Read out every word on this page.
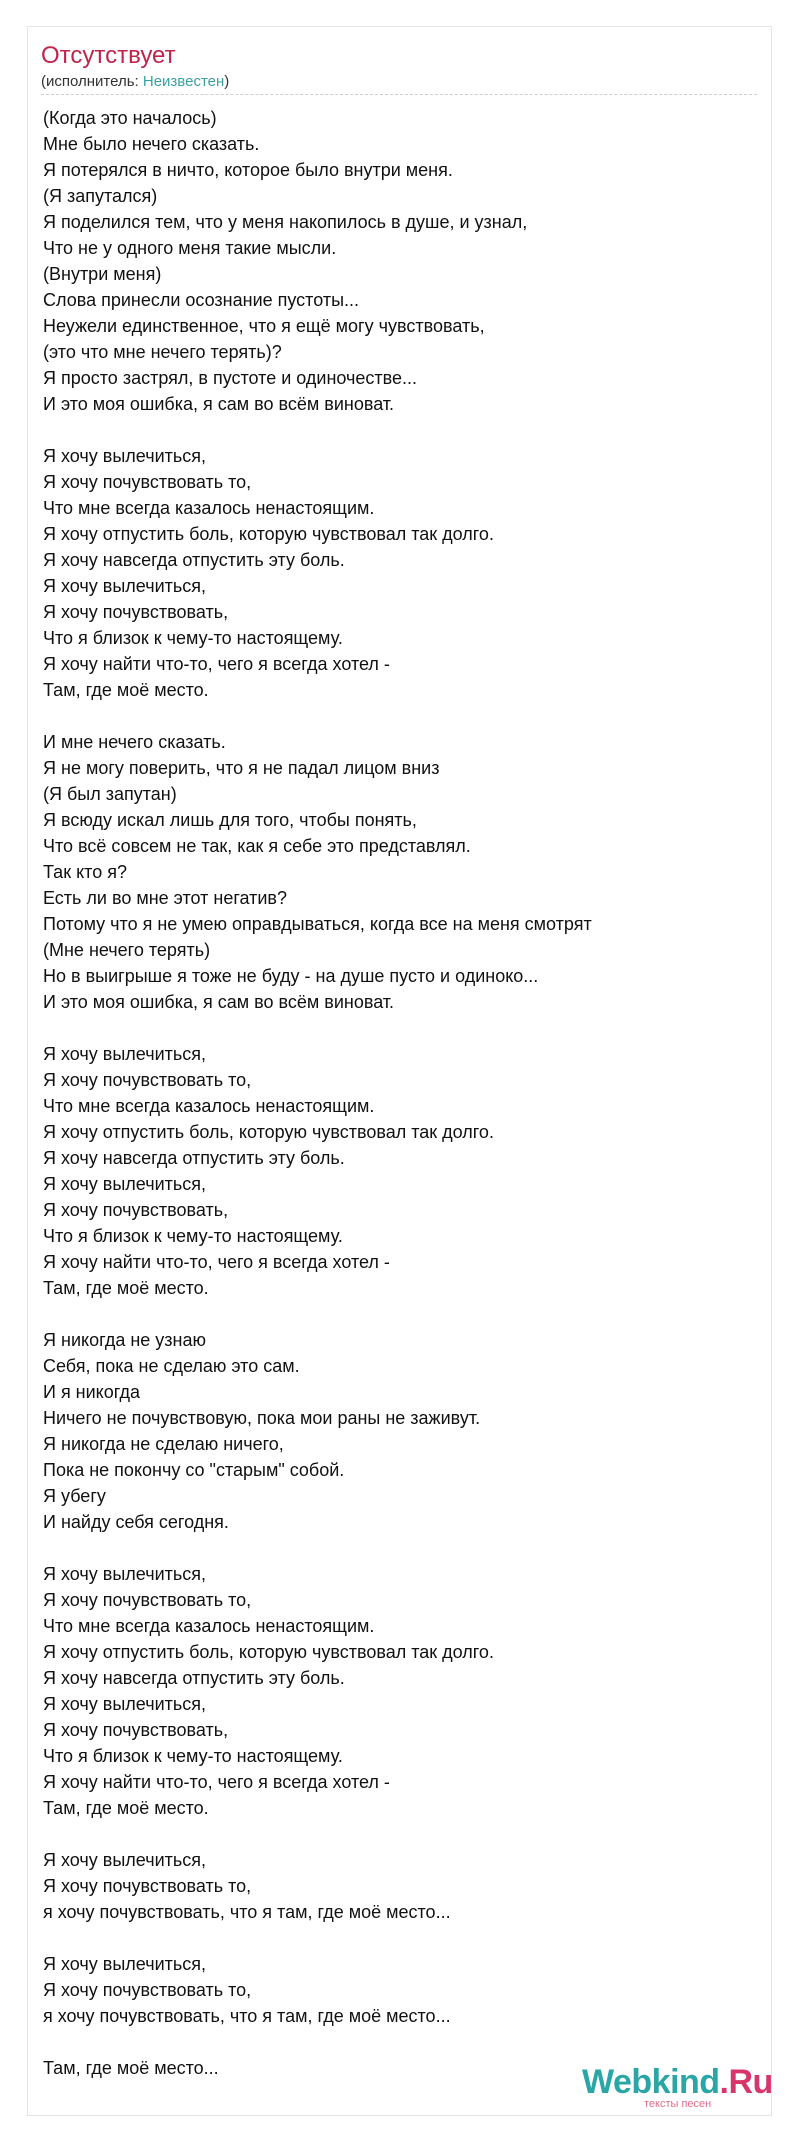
Отсутствует
(исполнитель: Неизвестен)
(Когда это началось)
Мне было нечего сказать.
Я потерялся в ничто, которое было внутри меня.
(Я запутался)
Я поделился тем, что у меня накопилось в душе, и узнал,
Что не у одного меня такие мысли.
(Внутри меня)
Слова принесли осознание пустоты...
Неужели единственное, что я ещё могу чувствовать,
(это что мне нечего терять)?
Я просто застрял, в пустоте и одиночестве...
И это моя ошибка, я сам во всём виноват.
Я хочу вылечиться,
Я хочу почувствовать то,
Что мне всегда казалось ненастоящим.
Я хочу отпустить боль, которую чувствовал так долго.
Я хочу навсегда отпустить эту боль.
Я хочу вылечиться,
Я хочу почувствовать,
Что я близок к чему-то настоящему.
Я хочу найти что-то, чего я всегда хотел -
Там, где моё место.
И мне нечего сказать.
Я не могу поверить, что я не падал лицом вниз
(Я был запутан)
Я всюду искал лишь для того, чтобы понять,
Что всё совсем не так, как я себе это представлял.
Так кто я?
Есть ли во мне этот негатив?
Потому что я не умею оправдываться, когда все на меня смотрят
(Мне нечего терять)
Но в выигрыше я тоже не буду - на душе пусто и одиноко...
И это моя ошибка, я сам во всём виноват.
Я хочу вылечиться,
Я хочу почувствовать то,
Что мне всегда казалось ненастоящим.
Я хочу отпустить боль, которую чувствовал так долго.
Я хочу навсегда отпустить эту боль.
Я хочу вылечиться,
Я хочу почувствовать,
Что я близок к чему-то настоящему.
Я хочу найти что-то, чего я всегда хотел -
Там, где моё место.
Я никогда не узнаю
Себя, пока не сделаю это сам.
И я никогда
Ничего не почувствовую, пока мои раны не заживут.
Я никогда не сделаю ничего,
Пока не покончу со "старым" собой.
Я убегу
И найду себя сегодня.
Я хочу вылечиться,
Я хочу почувствовать то,
Что мне всегда казалось ненастоящим.
Я хочу отпустить боль, которую чувствовал так долго.
Я хочу навсегда отпустить эту боль.
Я хочу вылечиться,
Я хочу почувствовать,
Что я близок к чему-то настоящему.
Я хочу найти что-то, чего я всегда хотел -
Там, где моё место.
Я хочу вылечиться,
Я хочу почувствовать то,
я хочу почувствовать, что я там, где моё место...
Я хочу вылечиться,
Я хочу почувствовать то,
я хочу почувствовать, что я там, где моё место...
Там, где моё место...	Webkind.Ru
тексты песен
